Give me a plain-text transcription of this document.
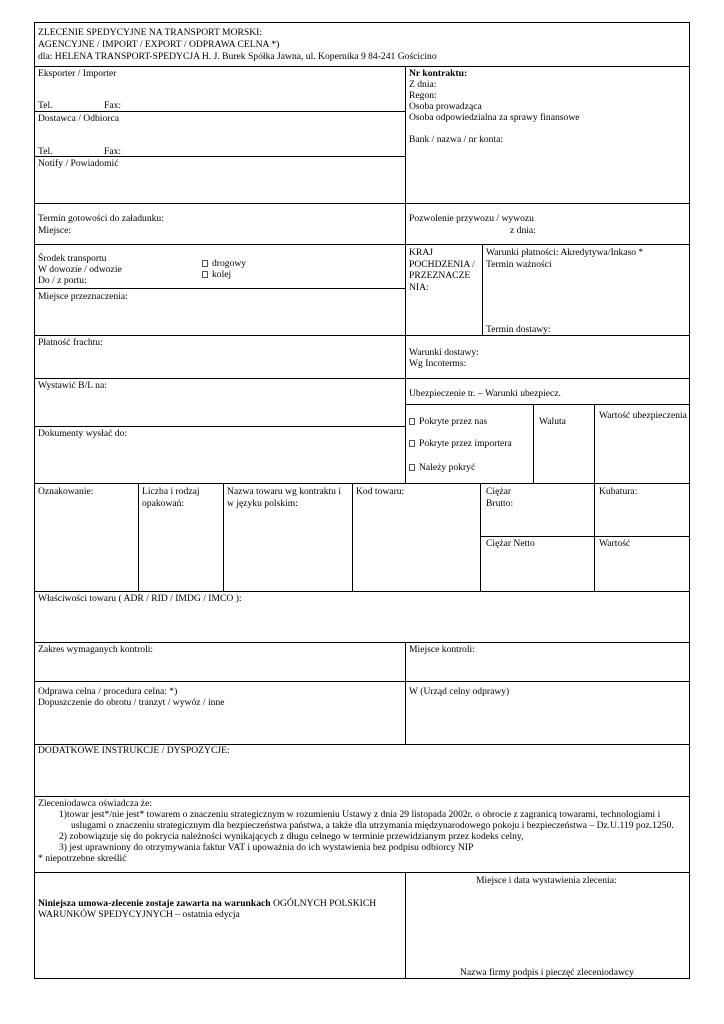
ZLECENIE SPEDYCYJNE NA TRANSPORT MORSKI:
AGENCYJNE / IMPORT / EXPORT / ODPRAWA CELNA *)
dla: HELENA TRANSPORT-SPEDYCJA H. J. Burek Spółka Jawna, ul. Kopernika 9 84-241 Gościcino
Eksporter / Importer
Tel.	Fax:
Dostawca / Odbiorca
Tel.	Fax:
Notify / Powiadomić
Nr kontraktu:
Z dnia:
Regon:
Osoba prowadząca
Osoba odpowiedzialna za sprawy finansowe
Bank / nazwa / nr konta:
Termin gotowości do załadunku:
Miejsce:
Pozwolenie przywozu / wywozu
z dnia:
Środek transportu
W dowozie / odwozie
Do / z portu:
drogowy
kolej
KRAJ POCHDZENIA / PRZEZNACZE NIA:
Warunki płatności: Akredytywa/Inkaso *
Termin ważności
Termin dostawy:
Miejsce przeznaczenia:
Płatność frachtu:
Warunki dostawy:
Wg Incoterms:
Wystawić B/L na:
Ubezpieczenie tr. – Warunki ubezpiecz.
Pokryte przez nas
Pokryte przez importera
Należy pokryć
Waluta
Wartość ubezpieczenia
Dokumenty wysłać do:
Oznakowanie:	Liczba i rodzaj opakowań:
Nazwa towaru wg kontraktu i w języku polskim:
Kod towaru:	Ciężar Brutto:
Kubatura:
Ciężar Netto	Wartość
Właściwości towaru ( ADR / RID / IMDG / IMCO ):
Zakres wymaganych kontroli:	Miejsce kontroli:
Odprawa celna / procedura celna: *)
Dopuszczenie do obrotu / tranzyt / wywóz / inne
W (Urząd celny odprawy)
DODATKOWE INSTRUKCJE / DYSPOZYCJE:
Zleceniodawca oświadcza że:
1)towar jest*/nie jest* towarem o znaczeniu strategicznym w rozumieniu Ustawy z dnia 29 listopada 2002r. o obrocie z zagranicą towarami, technologiami i
uslugami o znaczeniu strategicznym dla bezpieczeństwa państwa, a także dla utrzymania międzynarodowego pokoju i bezpieczeństwa – Dz.U.119 poz.1250.
2) zobowiązuje się do pokrycia należności wynikających z długu celnego w terminie przewidzianym przez kodeks celny,
3) jest uprawniony do otrzymywania faktur VAT i upoważnia do ich wystawienia bez podpisu odbiorcy NIP
* niepotrzebne skreślić
Niniejsza umowa-zlecenie zostaje zawarta na warunkach OGÓLNYCH POLSKICH
WARUNKÓW SPEDYCYJNYCH – ostatnia edycja
Miejsce i data wystawienia zlecenia:
Nazwa firmy podpis i pieczęć zleceniodawcy
